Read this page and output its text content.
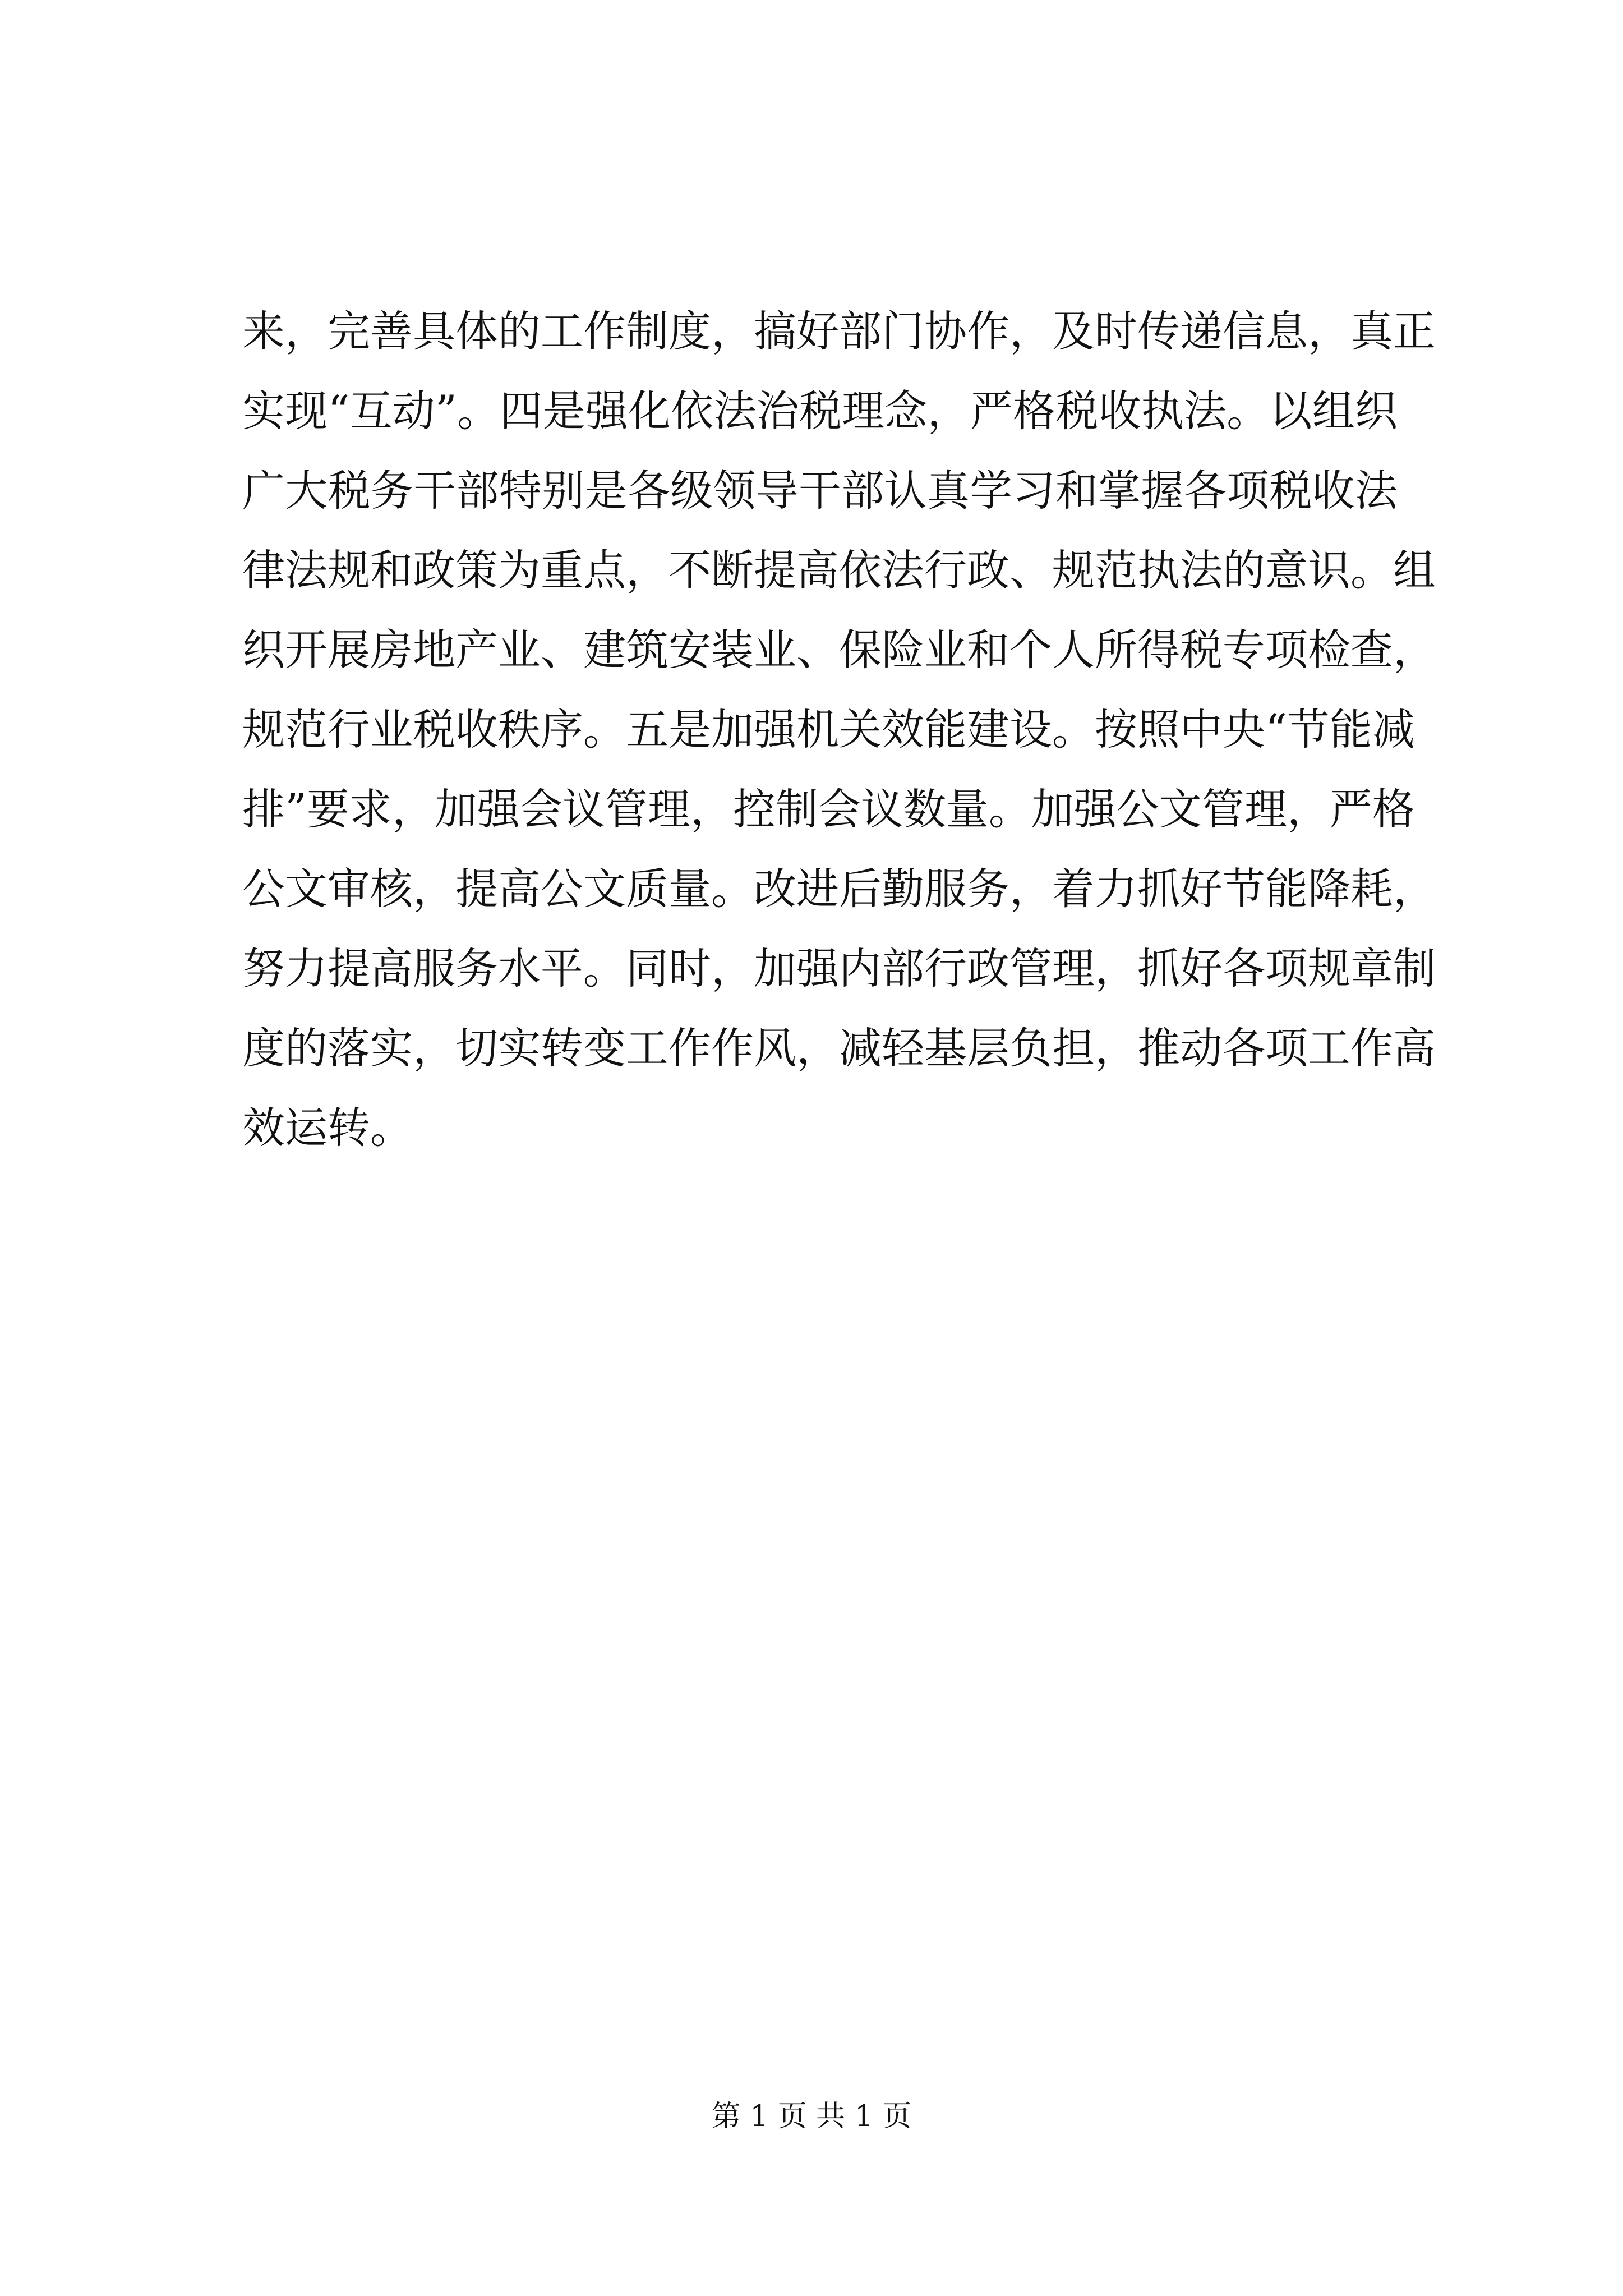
来，完善具体的工作制度，搞好部门协作，及时传递信息，真正
实现“互动”。四是强化依法治税理念，严格税收执法。以组织
广大税务干部特别是各级领导干部认真学习和掌握各项税收法
律法规和政策为重点，不断提高依法行政、规范执法的意识。组
织开展房地产业、建筑安装业、保险业和个人所得税专项检查，
规范行业税收秩序。五是加强机关效能建设。按照中央“节能减
排”要求，加强会议管理，控制会议数量。加强公文管理，严格
公文审核，提高公文质量。改进后勤服务，着力抓好节能降耗，
努力提高服务水平。同时，加强内部行政管理，抓好各项规章制
度的落实，切实转变工作作风，减轻基层负担，推动各项工作高
效运转。
第 1 页 共 1 页
